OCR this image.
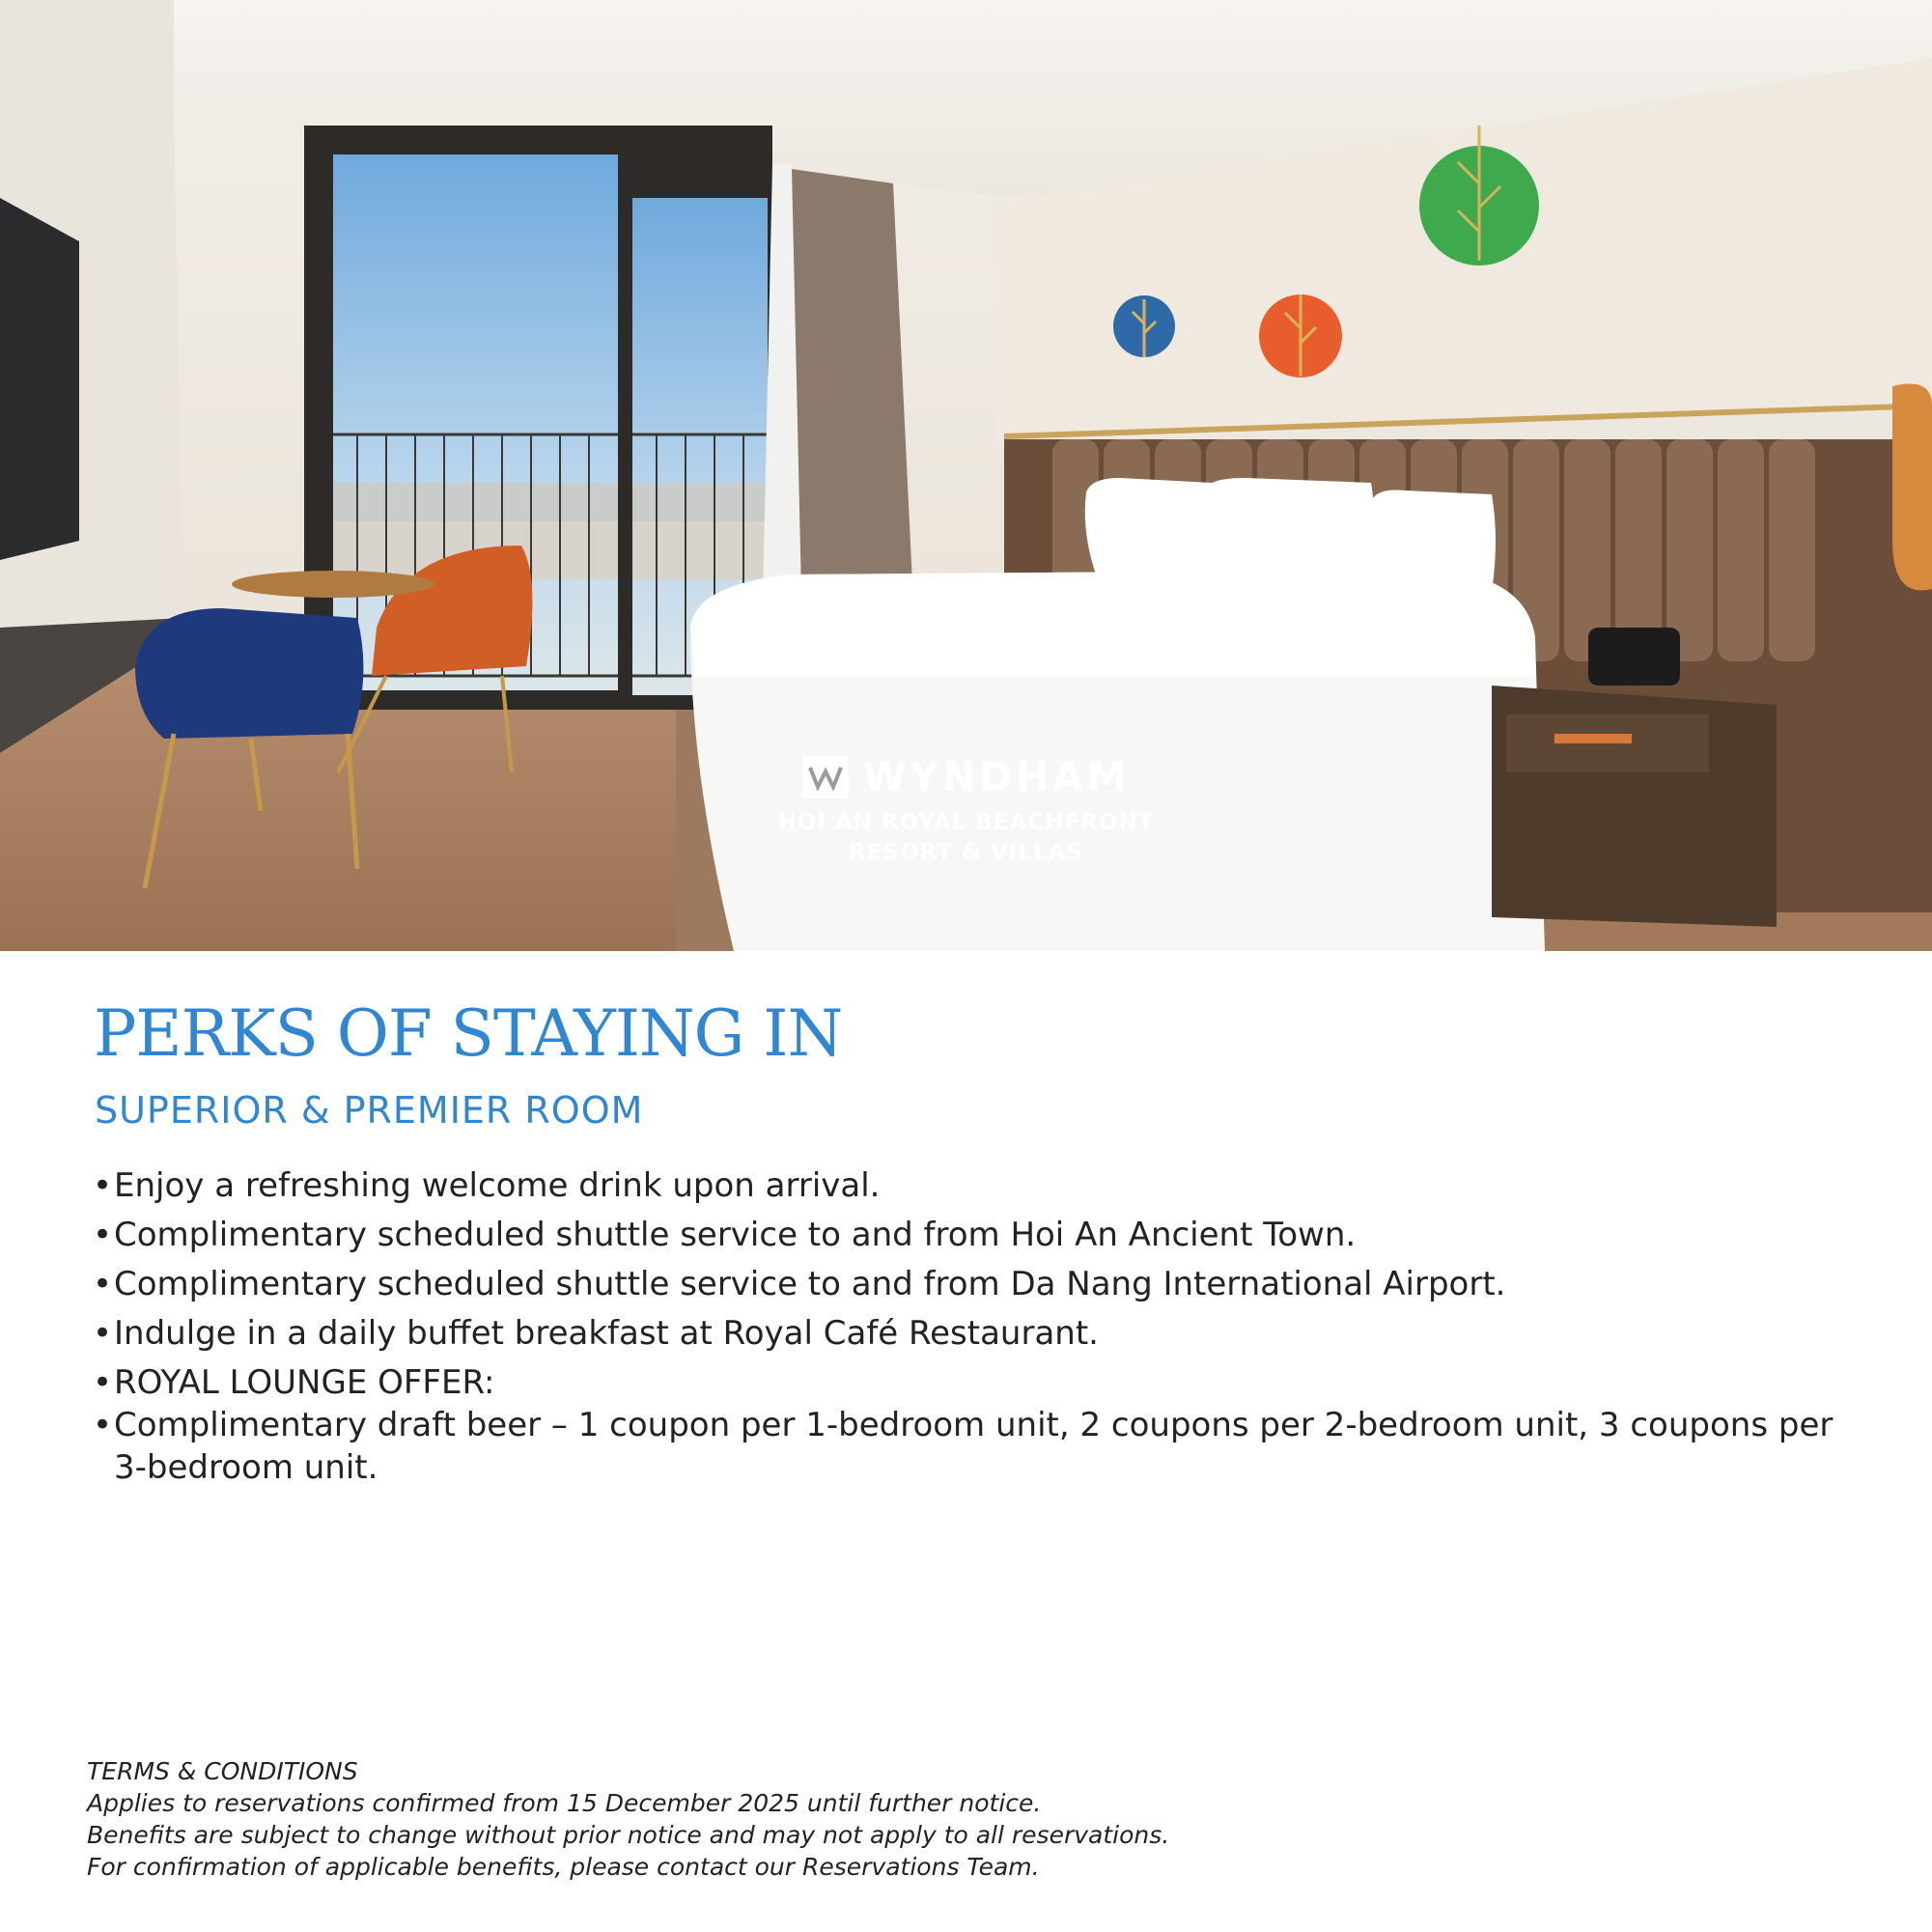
WYNDHAM
HOI AN ROYAL BEACHFRONT
RESORT & VILLAS
PERKS OF STAYING IN
SUPERIOR & PREMIER ROOM
• Enjoy a refreshing welcome drink upon arrival.
• Complimentary scheduled shuttle service to and from Hoi An Ancient Town.
• Complimentary scheduled shuttle service to and from Da Nang International Airport.
• Indulge in a daily buffet breakfast at Royal Café Restaurant.
• ROYAL LOUNGE OFFER:
• Complimentary draft beer – 1 coupon per 1-bedroom unit, 2 coupons per 2-bedroom unit, 3 coupons per 3-bedroom unit.
TERMS & CONDITIONS
Applies to reservations confirmed from 15 December 2025 until further notice.
Benefits are subject to change without prior notice and may not apply to all reservations.
For confirmation of applicable benefits, please contact our Reservations Team.
